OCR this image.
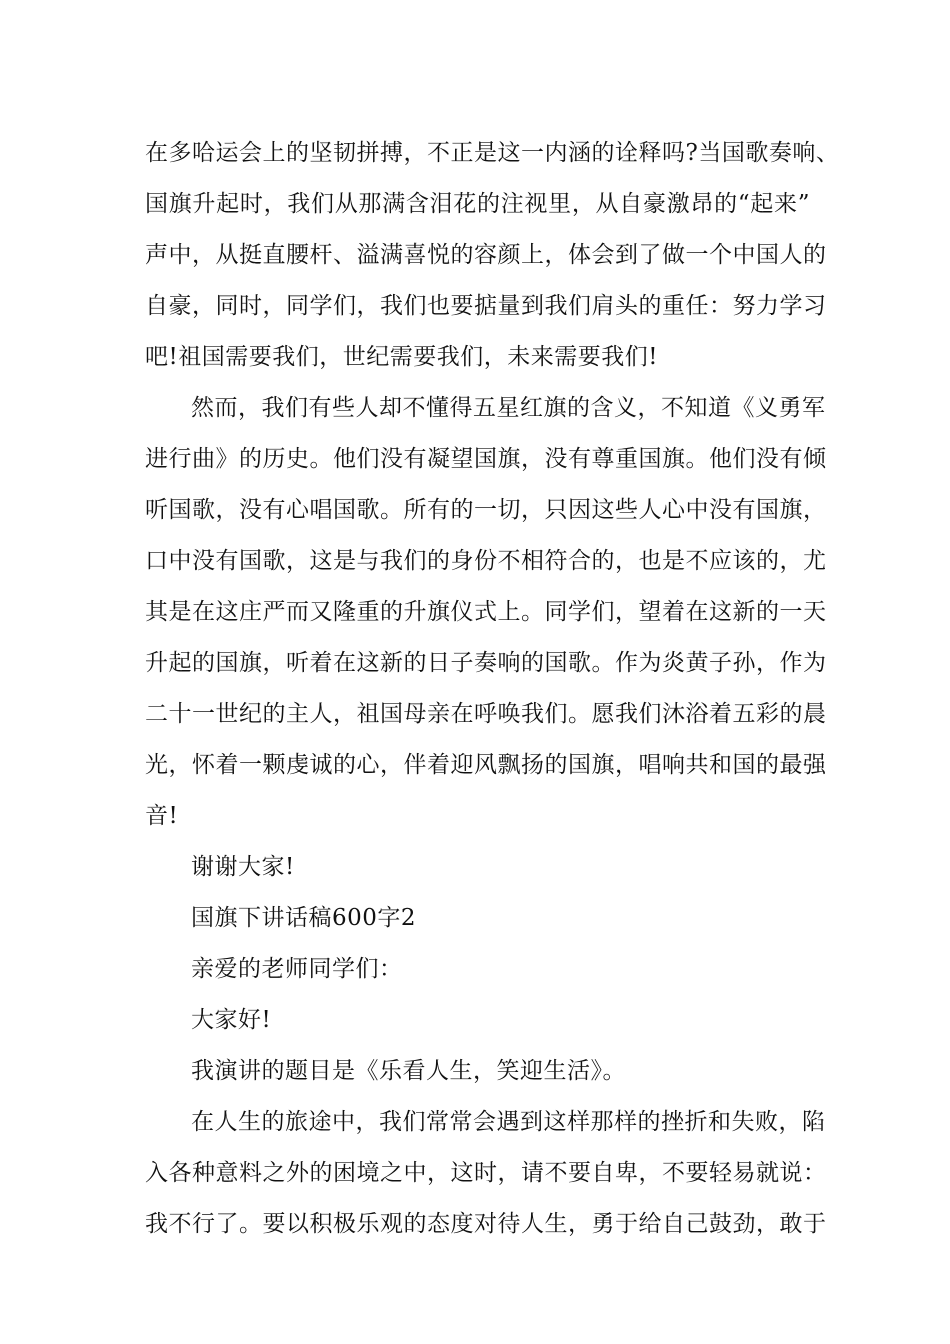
在多哈运会上的坚韧拼搏，不正是这一内涵的诠释吗?当国歌奏响、
国旗升起时，我们从那满含泪花的注视里，从自豪激昂的“起来”
声中，从挺直腰杆、溢满喜悦的容颜上，体会到了做一个中国人的
自豪，同时，同学们，我们也要掂量到我们肩头的重任：努力学习
吧!祖国需要我们，世纪需要我们，未来需要我们!
然而，我们有些人却不懂得五星红旗的含义，不知道《义勇军
进行曲》的历史。他们没有凝望国旗，没有尊重国旗。他们没有倾
听国歌，没有心唱国歌。所有的一切，只因这些人心中没有国旗，
口中没有国歌，这是与我们的身份不相符合的，也是不应该的，尤
其是在这庄严而又隆重的升旗仪式上。同学们，望着在这新的一天
升起的国旗，听着在这新的日子奏响的国歌。作为炎黄子孙，作为
二十一世纪的主人，祖国母亲在呼唤我们。愿我们沐浴着五彩的晨
光，怀着一颗虔诚的心，伴着迎风飘扬的国旗，唱响共和国的最强
音!
谢谢大家!
国旗下讲话稿600字2
亲爱的老师同学们：
大家好!
我演讲的题目是《乐看人生，笑迎生活》。
在人生的旅途中，我们常常会遇到这样那样的挫折和失败，陷
入各种意料之外的困境之中，这时，请不要自卑，不要轻易就说：
我不行了。要以积极乐观的态度对待人生，勇于给自己鼓劲，敢于
